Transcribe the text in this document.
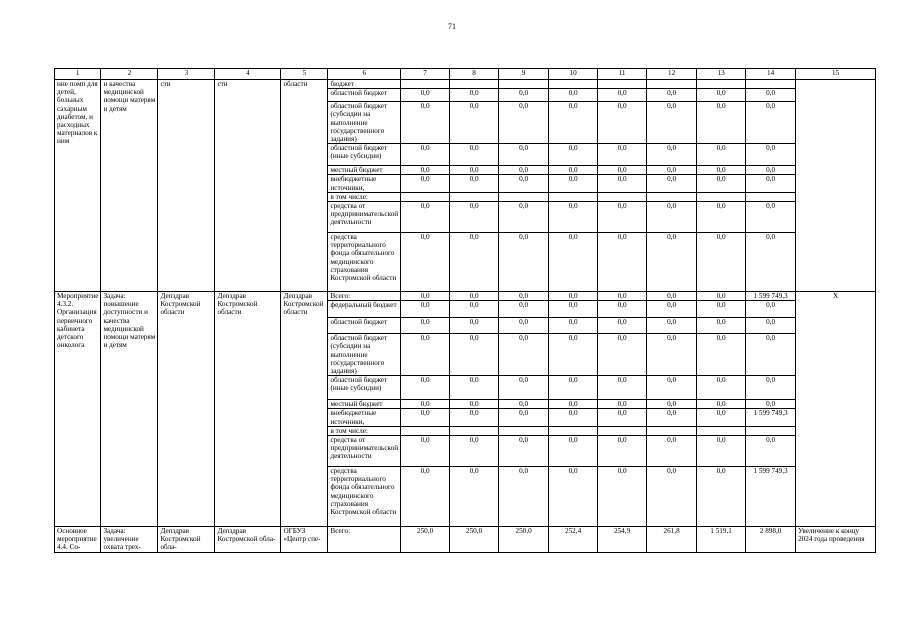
71
1	2	3	4	5	6	7	8	9	10	11	12	13	14	15
ние помп для детей, больных сахарным диабетом, и расходных материалов к ним	и качества медицинской помощи матерям и детям	сти	сти	области	бюджет									
					областной бюджет	0,0	0,0	0,0	0,0	0,0	0,0	0,0	0,0	
					областной бюджет (субсидии на выполнение государственного задания)	0,0	0,0	0,0	0,0	0,0	0,0	0,0	0,0	
					областной бюджет (иные субсидии)	0,0	0,0	0,0	0,0	0,0	0,0	0,0	0,0	
					местный бюджет	0,0	0,0	0,0	0,0	0,0	0,0	0,0	0,0	
					внебюджетные источники,	0,0	0,0	0,0	0,0	0,0	0,0	0,0	0,0	
					в том числе:									
					средства от предпринимательской деятельности	0,0	0,0	0,0	0,0	0,0	0,0	0,0	0,0	
					средства территориального фонда обязательного медицинского страхования Костромской области	0,0	0,0	0,0	0,0	0,0	0,0	0,0	0,0	
Мероприятие 4.3.2. Организация первичного кабинета детского онколога	Задача: повышение доступности и качества медицинской помощи матерям и детям	Депздрав Костромской области	Депздрав Костромской области	Депздрав Костромской области	Всего:	0,0	0,0	0,0	0,0	0,0	0,0	0,0	1 599 749,3	X
					федеральный бюджет	0,0	0,0	0,0	0,0	0,0	0,0	0,0	0,0	
					областной бюджет	0,0	0,0	0,0	0,0	0,0	0,0	0,0	0,0	
					областной бюджет (субсидии на выполнение государственного задания)	0,0	0,0	0,0	0,0	0,0	0,0	0,0	0,0	
					областной бюджет (иные субсидии)	0,0	0,0	0,0	0,0	0,0	0,0	0,0	0,0	
					местный бюджет	0,0	0,0	0,0	0,0	0,0	0,0	0,0	0,0	
					внебюджетные источники,	0,0	0,0	0,0	0,0	0,0	0,0	0,0	1 599 749,3	
					в том числе:									
					средства от предпринимательской деятельности	0,0	0,0	0,0	0,0	0,0	0,0	0,0	0,0	
					средства территориального фонда обязательного медицинского страхования Костромской области	0,0	0,0	0,0	0,0	0,0	0,0	0,0	1 599 749,3	
Основное мероприятие 4.4. Со-	Задача: увеличение охвата трех-	Депздрав Костромской обла-	Депздрав Костромской обла-	ОГБУЗ «Центр спе-	Всего:	250,0	250,0	250,0	252,4	254,9	261,8	1 519,1	2 898,0	Увеличение к концу 2024 года проведения
